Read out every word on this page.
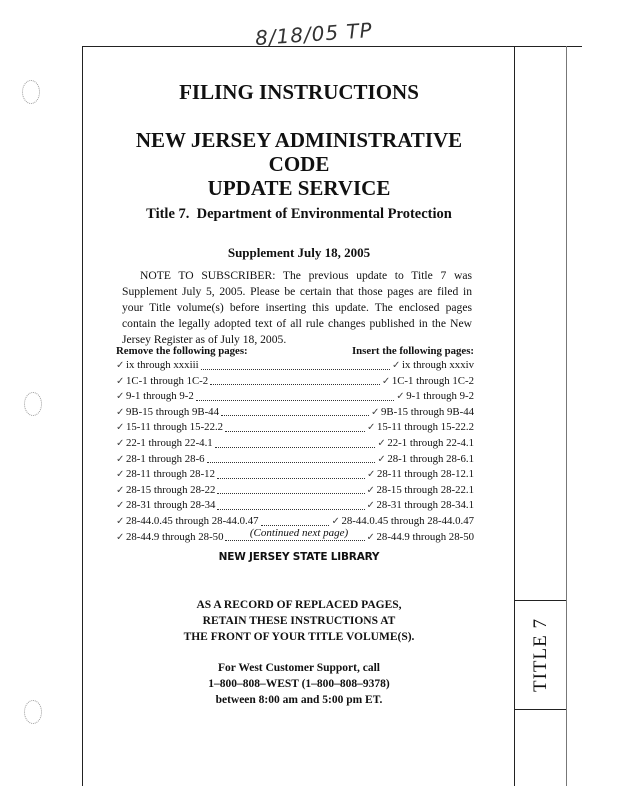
8/18/05 TP
TITLE 7
FILING INSTRUCTIONS
NEW JERSEY ADMINISTRATIVE CODE
UPDATE SERVICE
Title 7.  Department of Environmental Protection
Supplement July 18, 2005
NOTE TO SUBSCRIBER: The previous update to Title 7 was Supplement July 5, 2005. Please be certain that those pages are filed in your Title volume(s) before inserting this update. The enclosed pages contain the legally adopted text of all rule changes published in the New Jersey Register as of July 18, 2005.
Remove the following pages:	Insert the following pages:
✓ ix through xxxiii	✓ ix through xxxiv
✓ 1C-1 through 1C-2	✓ 1C-1 through 1C-2
✓ 9-1 through 9-2	✓ 9-1 through 9-2
✓ 9B-15 through 9B-44	✓ 9B-15 through 9B-44
✓ 15-11 through 15-22.2	✓ 15-11 through 15-22.2
✓ 22-1 through 22-4.1	✓ 22-1 through 22-4.1
✓ 28-1 through 28-6	✓ 28-1 through 28-6.1
✓ 28-11 through 28-12	✓ 28-11 through 28-12.1
✓ 28-15 through 28-22	✓ 28-15 through 28-22.1
✓ 28-31 through 28-34	✓ 28-31 through 28-34.1
✓ 28-44.0.45 through 28-44.0.47	✓ 28-44.0.45 through 28-44.0.47
✓ 28-44.9 through 28-50	✓ 28-44.9 through 28-50
(Continued next page)
NEW JERSEY STATE LIBRARY
AS A RECORD OF REPLACED PAGES,
RETAIN THESE INSTRUCTIONS AT
THE FRONT OF YOUR TITLE VOLUME(S).
For West Customer Support, call
1–800–808–WEST (1–800–808–9378)
between 8:00 am and 5:00 pm ET.
